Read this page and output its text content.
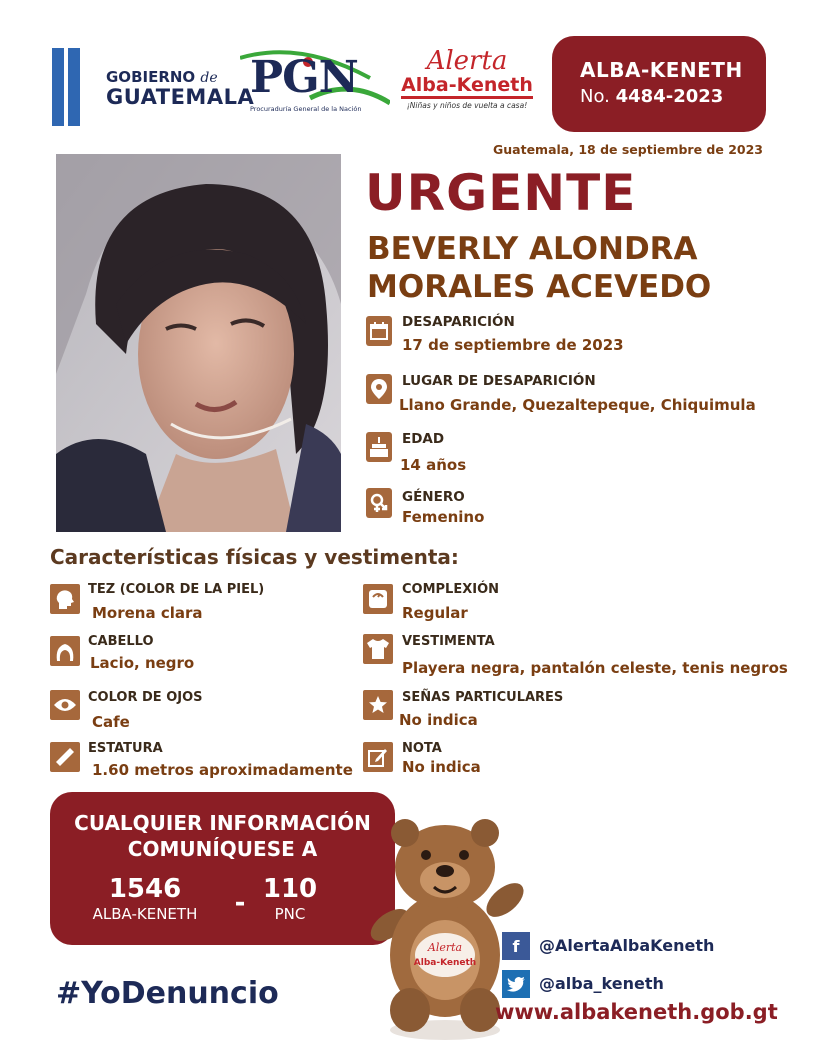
GOBIERNO de
GUATEMALA
PGN
Procuraduría General de la Nación
Alerta
Alba-Keneth
¡Niñas y niños de vuelta a casa!
ALBA-KENETH
No. 4484-2023
Guatemala, 18 de septiembre de 2023
URGENTE
BEVERLY ALONDRA
MORALES ACEVEDO
DESAPARICIÓN
17 de septiembre de 2023
LUGAR DE DESAPARICIÓN
Llano Grande, Quezaltepeque, Chiquimula
EDAD
14 años
GÉNERO
Femenino
Características físicas y vestimenta:
TEZ (COLOR DE LA PIEL)
Morena clara
CABELLO
Lacio, negro
COLOR DE OJOS
Cafe
ESTATURA
1.60 metros aproximadamente
COMPLEXIÓN
Regular
VESTIMENTA
Playera negra, pantalón celeste, tenis negros
SEÑAS PARTICULARES
No indica
NOTA
No indica
CUALQUIER INFORMACIÓN
COMUNÍQUESE A
1546
ALBA-KENETH	- 110
PNC
#YoDenuncio
Alerta
Alba-Keneth
f	@AlertaAlbaKeneth
@alba_keneth
www.albakeneth.gob.gt
